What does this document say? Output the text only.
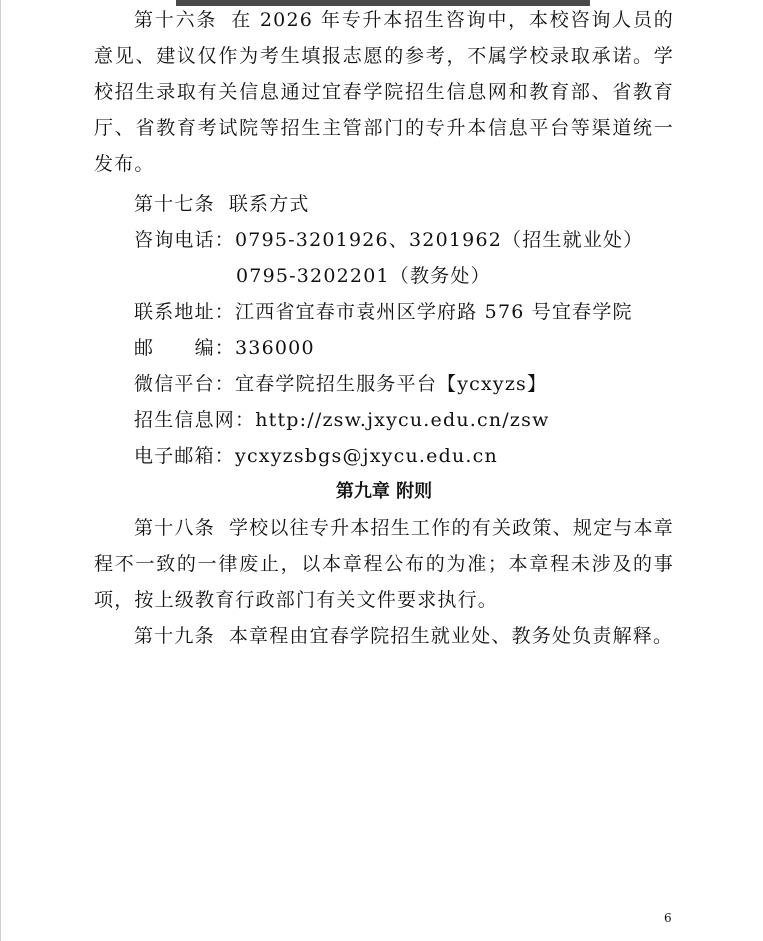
第十六条 在 2026 年专升本招生咨询中，本校咨询人员的意见、建议仅作为考生填报志愿的参考，不属学校录取承诺。学校招生录取有关信息通过宜春学院招生信息网和教育部、省教育厅、省教育考试院等招生主管部门的专升本信息平台等渠道统一发布。

第十七条 联系方式
咨询电话：0795-3201926、3201962（招生就业处）
0795-3202201（教务处）
联系地址：江西省宜春市袁州区学府路 576 号宜春学院
邮　　编：336000
微信平台：宜春学院招生服务平台【ycxyzs】
招生信息网：http://zsw.jxycu.edu.cn/zsw
电子邮箱：ycxyzsbgs@jxycu.edu.cn

第九章 附则

第十八条 学校以往专升本招生工作的有关政策、规定与本章程不一致的一律废止，以本章程公布的为准；本章程未涉及的事项，按上级教育行政部门有关文件要求执行。

第十九条 本章程由宜春学院招生就业处、教务处负责解释。

6
